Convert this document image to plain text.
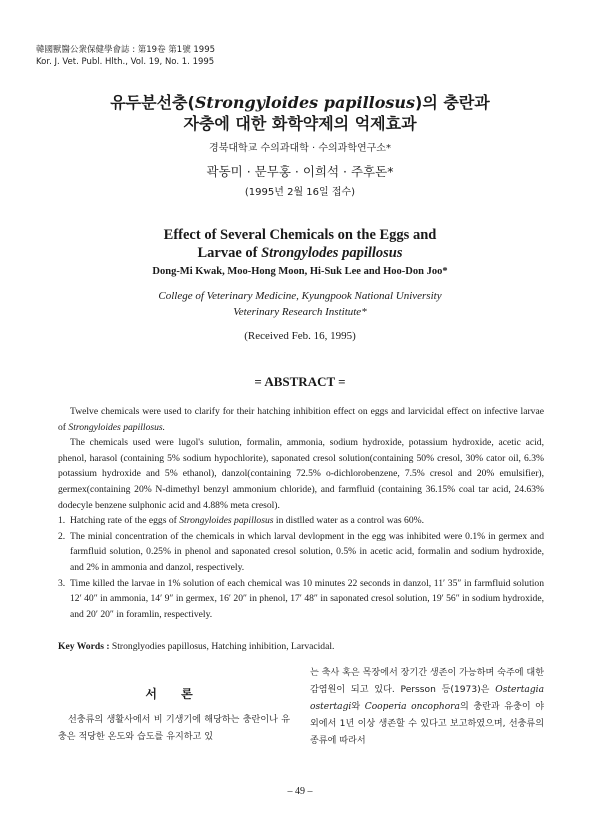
韓國獸醫公衆保健學會誌 : 第19卷 第1號 1995
Kor. J. Vet. Publ. Hlth., Vol. 19, No. 1. 1995
유두분선충(Strongyloides papillosus)의 충란과
자충에 대한 화학약제의 억제효과
경북대학교 수의과대학 · 수의과학연구소*
곽동미 · 문무홍 · 이희석 · 주후돈*
(1995년 2월 16일 접수)
Effect of Several Chemicals on the Eggs and
Larvae of Strongylodes papillosus
Dong-Mi Kwak, Moo-Hong Moon, Hi-Suk Lee and Hoo-Don Joo*
College of Veterinary Medicine, Kyungpook National University
Veterinary Research Institute*
(Received Feb. 16, 1995)
= ABSTRACT =

Twelve chemicals were used to clarify for their hatching inhibition effect on eggs and larvicidal effect on infective larvae of Strongyloides papillosus.

The chemicals used were lugol's sulution, formalin, ammonia, sodium hydroxide, potassium hydroxide, acetic acid, phenol, harasol (containing 5% sodium hypochlorite), saponated cresol solution(containing 50% cresol, 30% cator oil, 6.3% potassium hydroxide and 5% ethanol), danzol(containing 72.5% o-dichlorobenzene, 7.5% cresol and 20% emulsifier), germex(containing 20% N-dimethyl benzyl ammonium chloride), and farmfluid (containing 36.15% coal tar acid, 24.63% dodecyle benzene sulphonic acid and 4.88% meta cresol).

1. Hatching rate of the eggs of Strongyloides papillosus in distlled water as a control was 60%.
2. The minial concentration of the chemicals in which larval devlopment in the egg was inhibited were 0.1% in germex and farmfluid solution, 0.25% in phenol and saponated cresol solution, 0.5% in acetic acid, formalin and sodium hydroxide, and 2% in ammonia and danzol, respectively.
3. Time killed the larvae in 1% solution of each chemical was 10 minutes 22 seconds in danzol, 11′ 35″ in farmfluid solution 12′ 40″ in ammonia, 14′ 9″ in germex, 16′ 20″ in phenol, 17′ 48″ in saponated cresol solution, 19′ 56″ in sodium hydroxide, and 20′ 20″ in foramlin, respectively.
Key Words : Stronglyodies papillosus, Hatching inhibition, Larvacidal.
서 론

선충류의 생활사에서 비 기생기에 해당하는 충란이나 유충은 적당한 온도와 습도를 유지하고 있

는 축사 혹은 목장에서 장기간 생존이 가능하며 숙주에 대한 감염원이 되고 있다. Persson 등(1973)은 Ostertagia ostertagi와 Cooperia oncophora의 충란과 유충이 야외에서 1년 이상 생존할 수 있다고 보고하였으며, 선충류의 종류에 따라서

– 49 –
